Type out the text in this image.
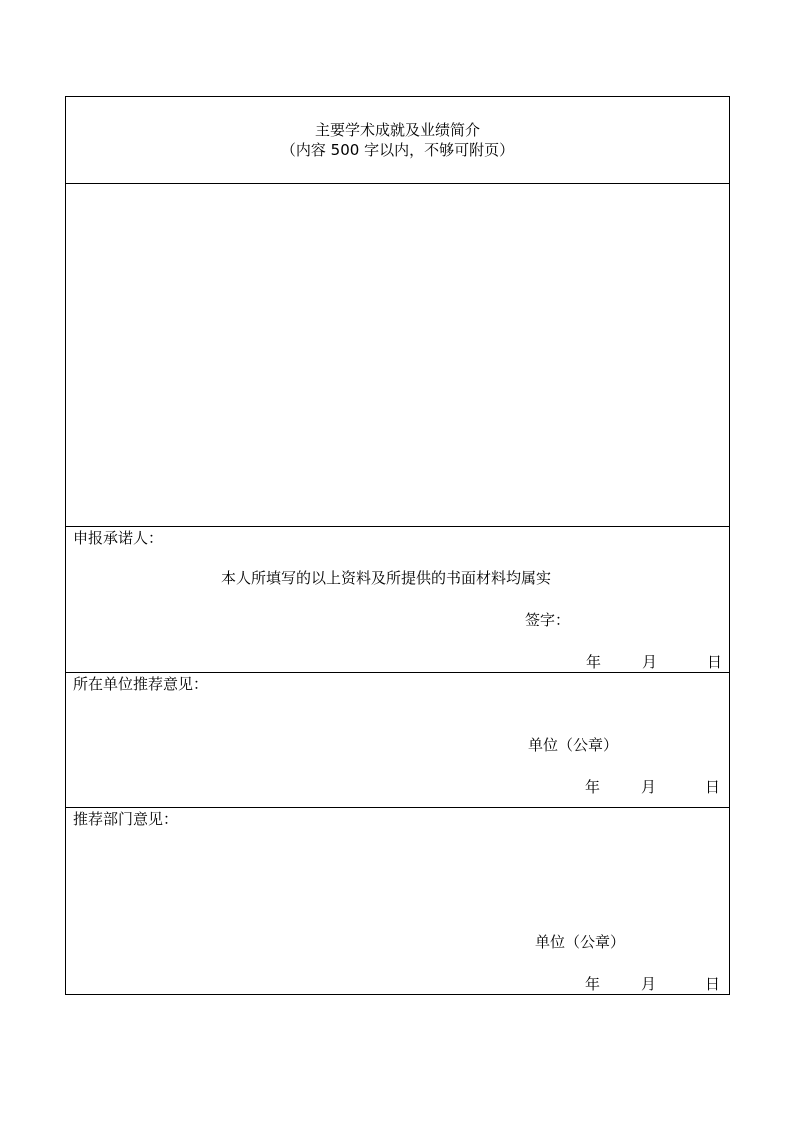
主要学术成就及业绩简介
（内容 500 字以内，不够可附页）
申报承诺人：
本人所填写的以上资料及所提供的书面材料均属实
签字：
年	月	日
所在单位推荐意见：
单位（公章）
年	月	日
推荐部门意见：
单位（公章）
年	月	日
